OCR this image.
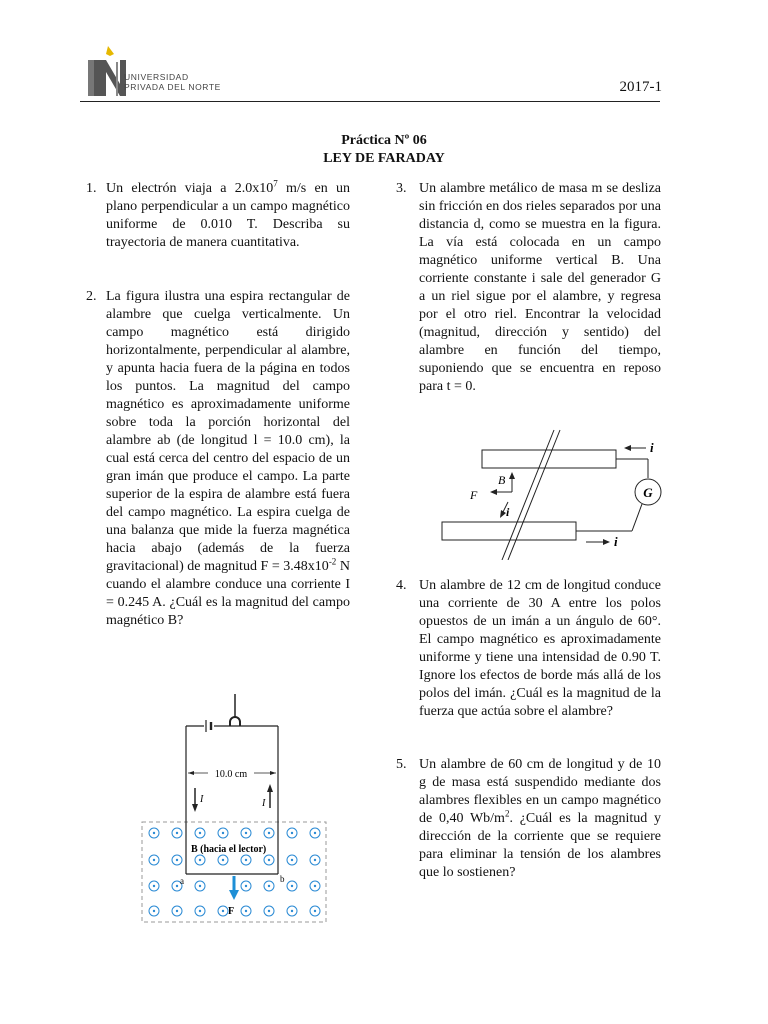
UNIVERSIDAD
PRIVADA DEL NORTE	2017-1
Práctica Nº 06
LEY DE FARADAY
1. Un electrón viaja a $2.0x10^7$ m/s en un plano perpendicular a un campo magnético uniforme de 0.010 T. Describa su trayectoria de manera cuantitativa.
2. La figura ilustra una espira rectangular de alambre que cuelga verticalmente. Un campo magnético está dirigido horizontalmente, perpendicular al alambre, y apunta hacia fuera de la página en todos los puntos. La magnitud del campo magnético es aproximadamente uniforme sobre toda la porción horizontal del alambre ab (de longitud l = 10.0 cm), la cual está cerca del centro del espacio de un gran imán que produce el campo. La parte superior de la espira de alambre está fuera del campo magnético. La espira cuelga de una balanza que mide la fuerza magnética hacia abajo (además de la fuerza gravitacional) de magnitud $F = 3.48x10^{-2}$ N cuando el alambre conduce una corriente I = 0.245 A. ¿Cuál es la magnitud del campo magnético B?
3. Un alambre metálico de masa m se desliza sin fricción en dos rieles separados por una distancia d, como se muestra en la figura. La vía está colocada en un campo magnético uniforme vertical B. Una corriente constante i sale del generador G a un riel sigue por el alambre, y regresa por el otro riel. Encontrar la velocidad (magnitud, dirección y sentido) del alambre en función del tiempo, suponiendo que se encuentra en reposo para t = 0.
4. Un alambre de 12 cm de longitud conduce una corriente de 30 A entre los polos opuestos de un imán a un ángulo de 60°. El campo magnético es aproximadamente uniforme y tiene una intensidad de 0.90 T. Ignore los efectos de borde más allá de los polos del imán. ¿Cuál es la magnitud de la fuerza que actúa sobre el alambre?
5. Un alambre de 60 cm de longitud y de 10 g de masa está suspendido mediante dos alambres flexibles en un campo magnético de 0,40 $Wb/m^2$. ¿Cuál es la magnitud y dirección de la corriente que se requiere para eliminar la tensión de los alambres que lo sostienen?
10.0 cm
I	I
B (hacia el lector)
a	b
F
G
i
i
B
F
i
